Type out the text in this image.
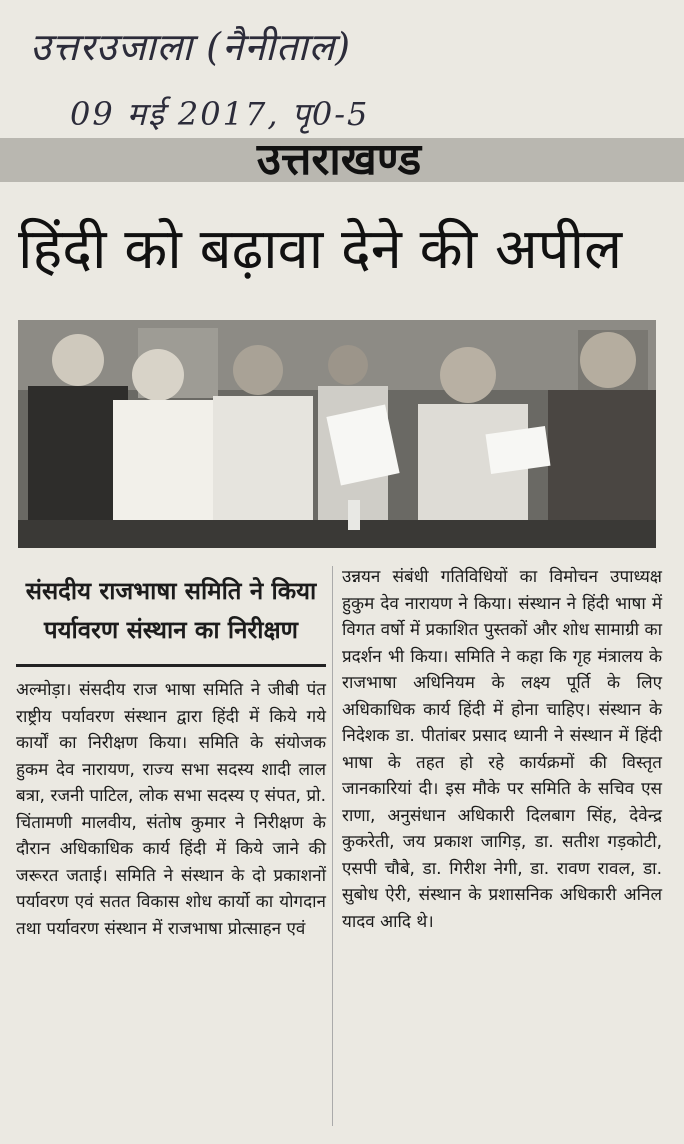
उत्तरउजाला (नैनीताल)
09 मई 2017, पृ0-5
उत्तराखण्ड
हिंदी को बढ़ावा देने की अपील

संसदीय राजभाषा समिति ने किया पर्यावरण संस्थान का निरीक्षण

अल्मोड़ा। संसदीय राज भाषा समिति ने जीबी पंत राष्ट्रीय पर्यावरण संस्थान द्वारा हिंदी में किये गये कार्यों का निरीक्षण किया। समिति के संयोजक हुकम देव नारायण, राज्य सभा सदस्य शादी लाल बत्रा, रजनी पाटिल, लोक सभा सदस्य ए संपत, प्रो. चिंतामणी मालवीय, संतोष कुमार ने निरीक्षण के दौरान अधिकाधिक कार्य हिंदी में किये जाने की जरूरत जताई। समिति ने संस्थान के दो प्रकाशनों पर्यावरण एवं सतत विकास शोध कार्यो का योगदान तथा पर्यावरण संस्थान में राजभाषा प्रोत्साहन एवं

उन्नयन संबंधी गतिविधियों का विमोचन उपाध्यक्ष हुकुम देव नारायण ने किया। संस्थान ने हिंदी भाषा में विगत वर्षो में प्रकाशित पुस्तकों और शोध सामाग्री का प्रदर्शन भी किया। समिति ने कहा कि गृह मंत्रालय के राजभाषा अधिनियम के लक्ष्य पूर्ति के लिए अधिकाधिक कार्य हिंदी में होना चाहिए। संस्थान के निदेशक डा. पीतांबर प्रसाद ध्यानी ने संस्थान में हिंदी भाषा के तहत हो रहे कार्यक्रमों की विस्तृत जानकारियां दी। इस मौके पर समिति के सचिव एस राणा, अनुसंधान अधिकारी दिलबाग सिंह, देवेन्द्र कुकरेती, जय प्रकाश जागिड़, डा. सतीश गड़कोटी, एसपी चौबे, डा. गिरीश नेगी, डा. रावण रावल, डा. सुबोध ऐरी, संस्थान के प्रशासनिक अधिकारी अनिल यादव आदि थे।
